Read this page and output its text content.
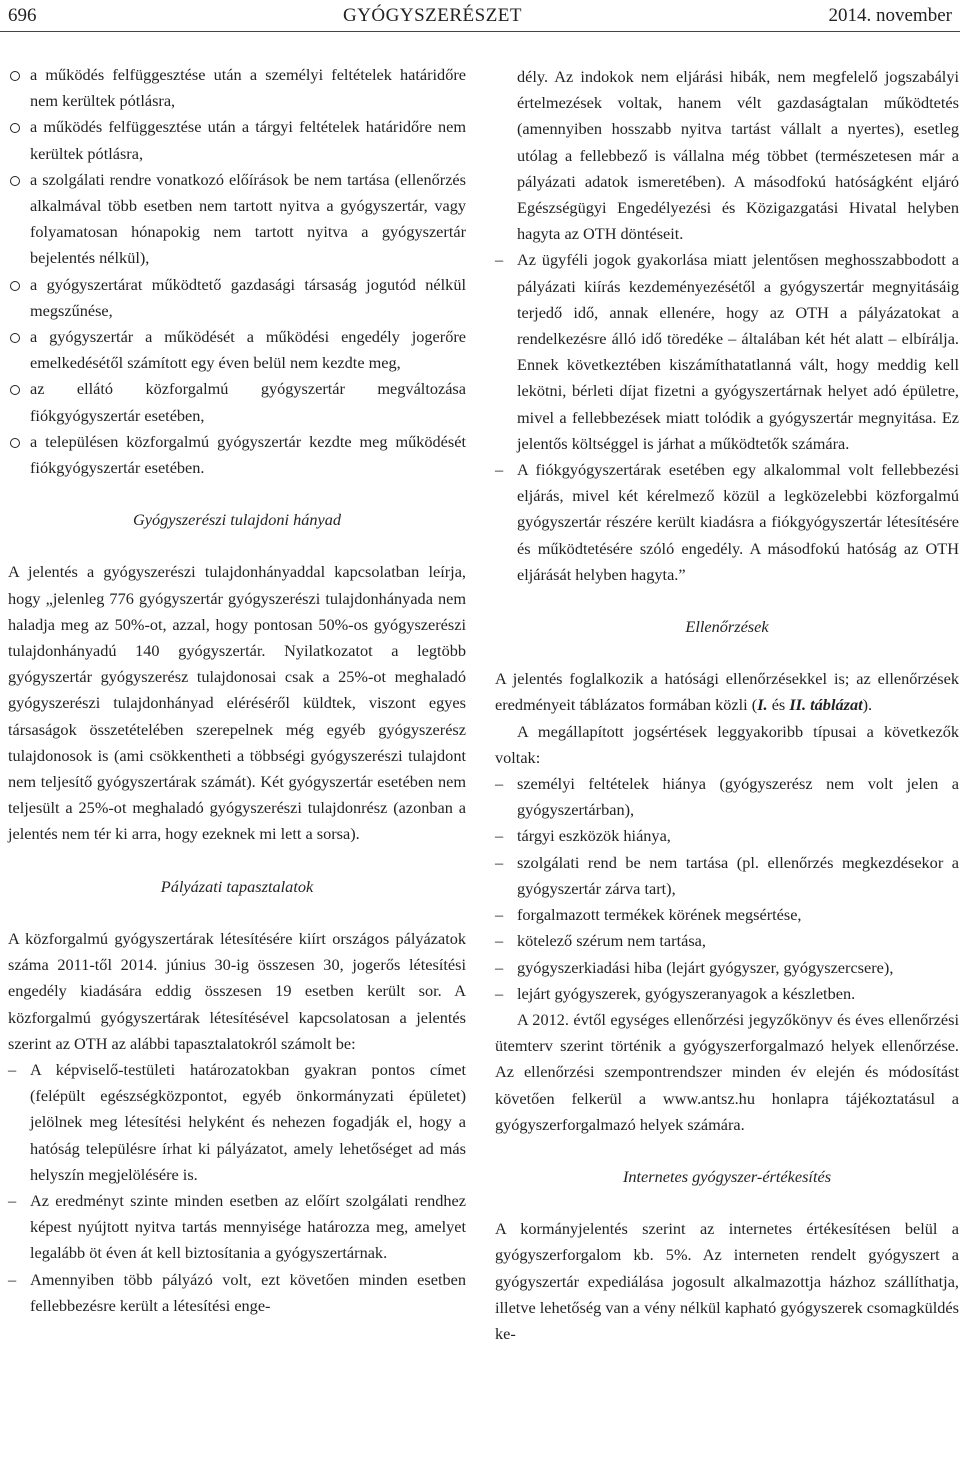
696	GYÓGYSZERÉSZET	2014. november
a működés felfüggesztése után a személyi feltételek határidőre nem kerültek pótlásra,
a működés felfüggesztése után a tárgyi feltételek határidőre nem kerültek pótlásra,
a szolgálati rendre vonatkozó előírások be nem tartása (ellenőrzés alkalmával több esetben nem tartott nyitva a gyógyszertár, vagy folyamatosan hónapokig nem tartott nyitva a gyógyszertár bejelentés nélkül),
a gyógyszertárat működtető gazdasági társaság jogutód nélkül megszűnése,
a gyógyszertár a működését a működési engedély jogerőre emelkedésétől számított egy éven belül nem kezdte meg,
az ellátó közforgalmú gyógyszertár megváltozása fiókgyógyszertár esetében,
a településen közforgalmú gyógyszertár kezdte meg működését fiókgyógyszertár esetében.
Gyógyszerészi tulajdoni hányad

A jelentés a gyógyszerészi tulajdonhányaddal kapcsolatban leírja, hogy „jelenleg 776 gyógyszertár gyógyszerészi tulajdonhányada nem haladja meg az 50%-ot, azzal, hogy pontosan 50%-os gyógyszerészi tulajdonhányadú 140 gyógyszertár. Nyilatkozatot a legtöbb gyógyszertár gyógyszerész tulajdonosai csak a 25%-ot meghaladó gyógyszerészi tulajdonhányad eléréséről küldtek, viszont egyes társaságok összetételében szerepelnek még egyéb gyógyszerész tulajdonosok is (ami csökkentheti a többségi gyógyszerészi tulajdont nem teljesítő gyógyszertárak számát). Két gyógyszertár esetében nem teljesült a 25%-ot meghaladó gyógyszerészi tulajdonrész (azonban a jelentés nem tér ki arra, hogy ezeknek mi lett a sorsa).

Pályázati tapasztalatok

A közforgalmú gyógyszertárak létesítésére kiírt országos pályázatok száma 2011-től 2014. június 30-ig összesen 30, jogerős létesítési engedély kiadására eddig összesen 19 esetben került sor. A közforgalmú gyógyszertárak létesítésével kapcsolatosan a jelentés szerint az OTH az alábbi tapasztalatokról számolt be:

A képviselő-testületi határozatokban gyakran pontos címet (felépült egészségközpontot, egyéb önkormányzati épületet) jelölnek meg létesítési helyként és nehezen fogadják el, hogy a hatóság településre írhat ki pályázatot, amely lehetőséget ad más helyszín megjelölésére is.
Az eredményt szinte minden esetben az előírt szolgálati rendhez képest nyújtott nyitva tartás mennyisége határozza meg, amelyet legalább öt éven át kell biztosítania a gyógyszertárnak.
Amennyiben több pályázó volt, ezt követően minden esetben fellebbezésre került a létesítési enge-

dély. Az indokok nem eljárási hibák, nem megfelelő jogszabályi értelmezések voltak, hanem vélt gazdaságtalan működtetés (amennyiben hosszabb nyitva tartást vállalt a nyertes), esetleg utólag a fellebbező is vállalna még többet (természetesen már a pályázati adatok ismeretében). A másodfokú hatóságként eljáró Egészségügyi Engedélyezési és Közigazgatási Hivatal helyben hagyta az OTH döntéseit.

Az ügyféli jogok gyakorlása miatt jelentősen meghosszabbodott a pályázati kiírás kezdeményezésétől a gyógyszertár megnyitásáig terjedő idő, annak ellenére, hogy az OTH a pályázatokat a rendelkezésre álló idő töredéke – általában két hét alatt – elbírálja. Ennek következtében kiszámíthatatlanná vált, hogy meddig kell lekötni, bérleti díjat fizetni a gyógyszertárnak helyet adó épületre, mivel a fellebbezések miatt tolódik a gyógyszertár megnyitása. Ez jelentős költséggel is járhat a működtetők számára.
A fiókgyógyszertárak esetében egy alkalommal volt fellebbezési eljárás, mivel két kérelmező közül a legközelebbi közforgalmú gyógyszertár részére került kiadásra a fiókgyógyszertár létesítésére és működtetésére szóló engedély. A másodfokú hatóság az OTH eljárását helyben hagyta.”
Ellenőrzések

A jelentés foglalkozik a hatósági ellenőrzésekkel is; az ellenőrzések eredményeit táblázatos formában közli (I. és II. táblázat).

A megállapított jogsértések leggyakoribb típusai a következők voltak:

személyi feltételek hiánya (gyógyszerész nem volt jelen a gyógyszertárban),
tárgyi eszközök hiánya,
szolgálati rend be nem tartása (pl. ellenőrzés megkezdésekor a gyógyszertár zárva tart),
forgalmazott termékek körének megsértése,
kötelező szérum nem tartása,
gyógyszerkiadási hiba (lejárt gyógyszer, gyógyszercsere),
lejárt gyógyszerek, gyógyszeranyagok a készletben.

A 2012. évtől egységes ellenőrzési jegyzőkönyv és éves ellenőrzési ütemterv szerint történik a gyógyszerforgalmazó helyek ellenőrzése. Az ellenőrzési szempontrendszer minden év elején és módosítást követően felkerül a www.antsz.hu honlapra tájékoztatásul a gyógyszerforgalmazó helyek számára.

Internetes gyógyszer-értékesítés

A kormányjelentés szerint az internetes értékesítésen belül a gyógyszerforgalom kb. 5%. Az interneten rendelt gyógyszert a gyógyszertár expediálása jogosult alkalmazottja házhoz szállíthatja, illetve lehetőség van a vény nélkül kapható gyógyszerek csomagküldés ke-
